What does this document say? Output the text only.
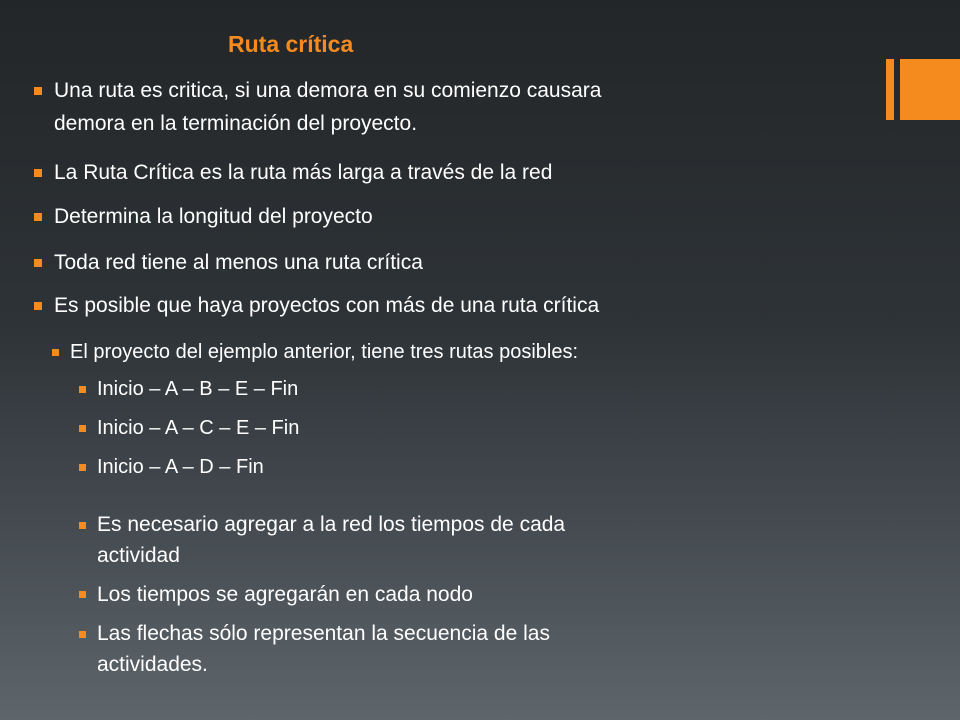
Ruta crítica
Una ruta es critica, si una demora en su comienzo causara
demora en la terminación del proyecto.
La Ruta Crítica es la ruta más larga a través de la red
Determina la longitud del proyecto
Toda red tiene al menos una ruta crítica
Es posible que haya proyectos con más de una ruta crítica
El proyecto del ejemplo anterior, tiene tres rutas posibles:
Inicio – A – B – E – Fin
Inicio – A – C – E – Fin
Inicio – A – D – Fin
Es necesario agregar a la red los tiempos de cada
actividad
Los tiempos se agregarán en cada nodo
Las flechas sólo representan la secuencia de las
actividades.
